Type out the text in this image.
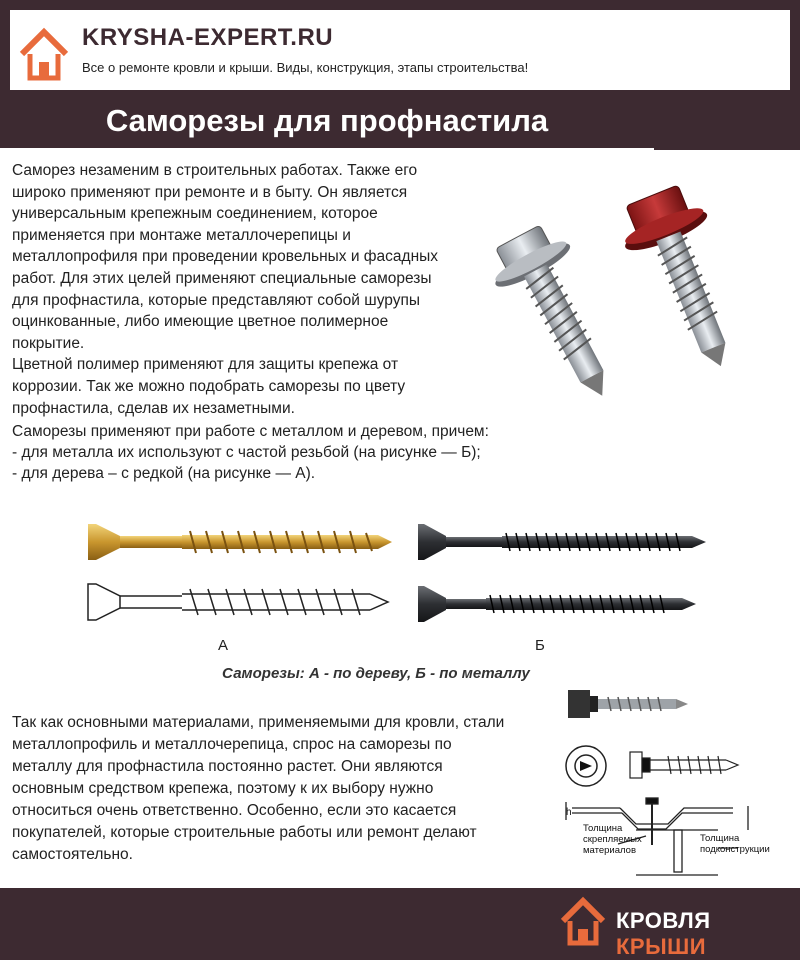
KRYSHA-EXPERT.RU
Все о ремонте кровли и крыши. Виды, конструкция, этапы строительства!
Саморезы для профнастила
Саморез незаменим в строительных работах. Также его
широко применяют при ремонте и в быту. Он является
универсальным крепежным соединением, которое
применяется при монтаже металлочерепицы и
металлопрофиля при проведении кровельных и фасадных
работ. Для этих целей применяют специальные саморезы
для профнастила, которые представляют собой шурупы
оцинкованные, либо имеющие цветное полимерное
покрытие.
Цветной полимер применяют для защиты крепежа от
коррозии. Так же можно подобрать саморезы по цвету
профнастила, сделав их незаметными.
Саморезы применяют при работе с металлом и деревом, причем:
- для металла их используют с частой резьбой (на рисунке — Б);
- для дерева – с редкой (на рисунке — А).
А	Б
Саморезы: А - по дереву, Б - по металлу
Так как основными материалами, применяемыми для кровли, стали
металлопрофиль и металлочерепица, спрос на саморезы по
металлу для профнастила постоянно растет. Они являются
основным средством крепежа, поэтому к их выбору нужно
относиться очень ответственно. Особенно, если это касается
покупателей, которые строительные работы или ремонт делают
самостоятельно.
h
Толщина
скрепляемых
материалов
Толщина
подконструкции
КРОВЛЯ КРЫШИ
